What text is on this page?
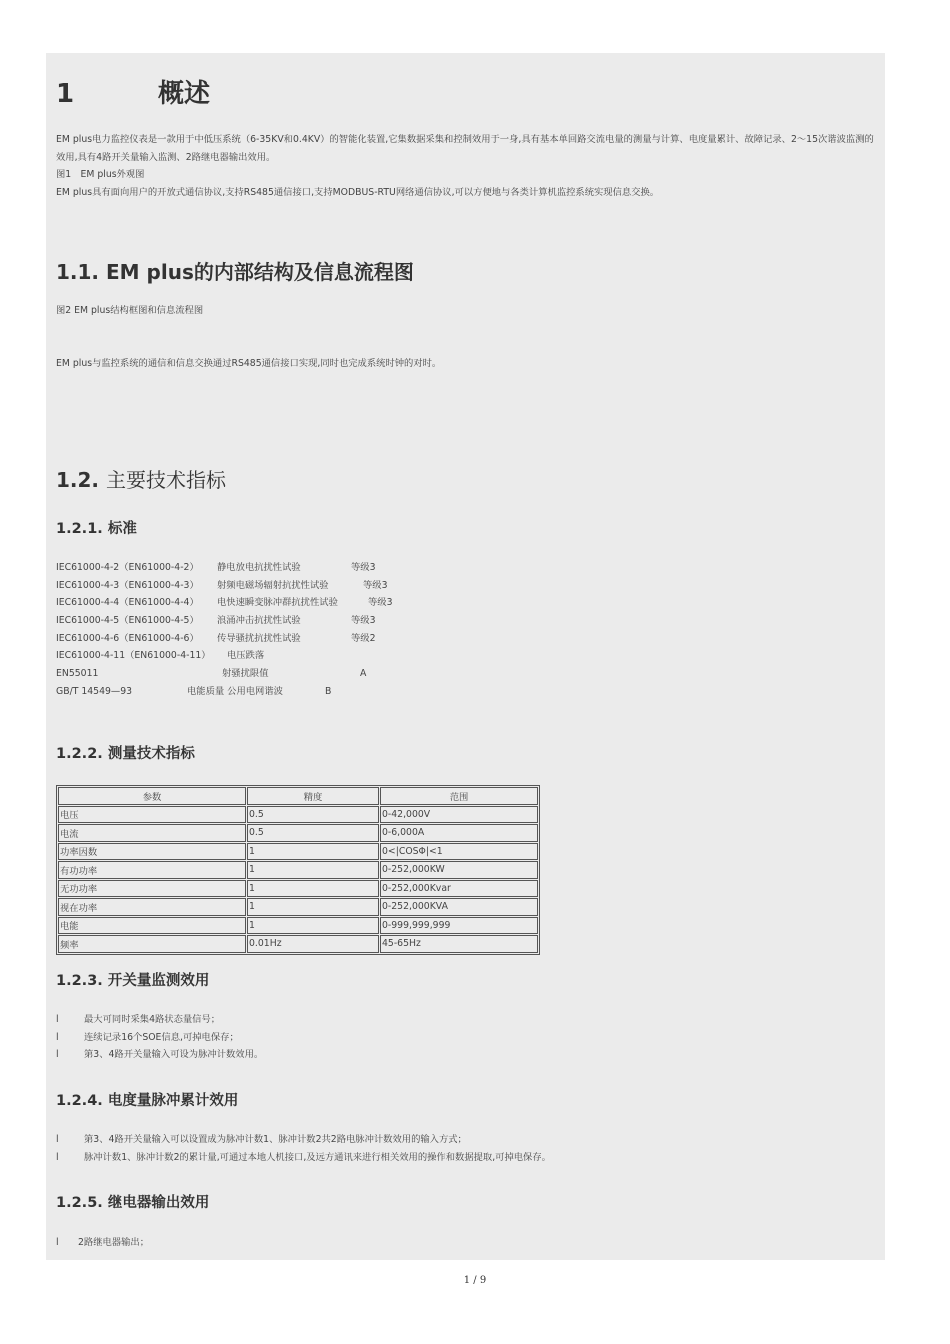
1	概述

EM plus电力监控仪表是一款用于中低压系统（6-35KV和0.4KV）的智能化装置,它集数据采集和控制效用于一身,具有基本单回路交流电量的测量与计算、电度量累计、故障记录、2～15次谐波监测的效用,具有4路开关量输入监测、2路继电器输出效用。

图1　EM plus外观图

EM plus具有面向用户的开放式通信协议,支持RS485通信接口,支持MODBUS-RTU网络通信协议,可以方便地与各类计算机监控系统实现信息交换。

1.1. EM plus的内部结构及信息流程图

图2 EM plus结构框图和信息流程图

EM plus与监控系统的通信和信息交换通过RS485通信接口实现,同时也完成系统时钟的对时。

1.2. 主要技术指标
1.2.1. 标准
IEC61000-4-2（EN61000-4-2） 静电放电抗扰性试验	等级3
IEC61000-4-3（EN61000-4-3） 射频电磁场辐射抗扰性试验	等级3
IEC61000-4-4（EN61000-4-4） 电快速瞬变脉冲群抗扰性试验	等级3
IEC61000-4-5（EN61000-4-5） 浪涌冲击抗扰性试验	等级3
IEC61000-4-6（EN61000-4-6） 传导骚扰抗扰性试验	等级2
IEC61000-4-11（EN61000-4-11） 电压跌落
EN55011	射骚扰限值	A
GB/T 14549—93	电能质量 公用电网谐波	B
1.2.2. 测量技术指标
参数	精度	范围
电压	0.5	0-42,000V
电流	0.5	0-6,000A
功率因数	1	0<|COSΦ|<1
有功功率	1	0-252,000KW
无功功率	1	0-252,000Kvar
视在功率	1	0-252,000KVA
电能	1	0-999,999,999
频率	0.01Hz	45-65Hz
1.2.3. 开关量监测效用
l	最大可同时采集4路状态量信号；
l	连续记录16个SOE信息,可掉电保存；
l	第3、4路开关量输入可设为脉冲计数效用。
1.2.4. 电度量脉冲累计效用
l	第3、4路开关量输入可以设置成为脉冲计数1、脉冲计数2共2路电脉冲计数效用的输入方式；
l	脉冲计数1、脉冲计数2的累计量,可通过本地人机接口,及远方通讯来进行相关效用的操作和数据提取,可掉电保存。
1.2.5. 继电器输出效用
l 2路继电器输出；
1 / 9
